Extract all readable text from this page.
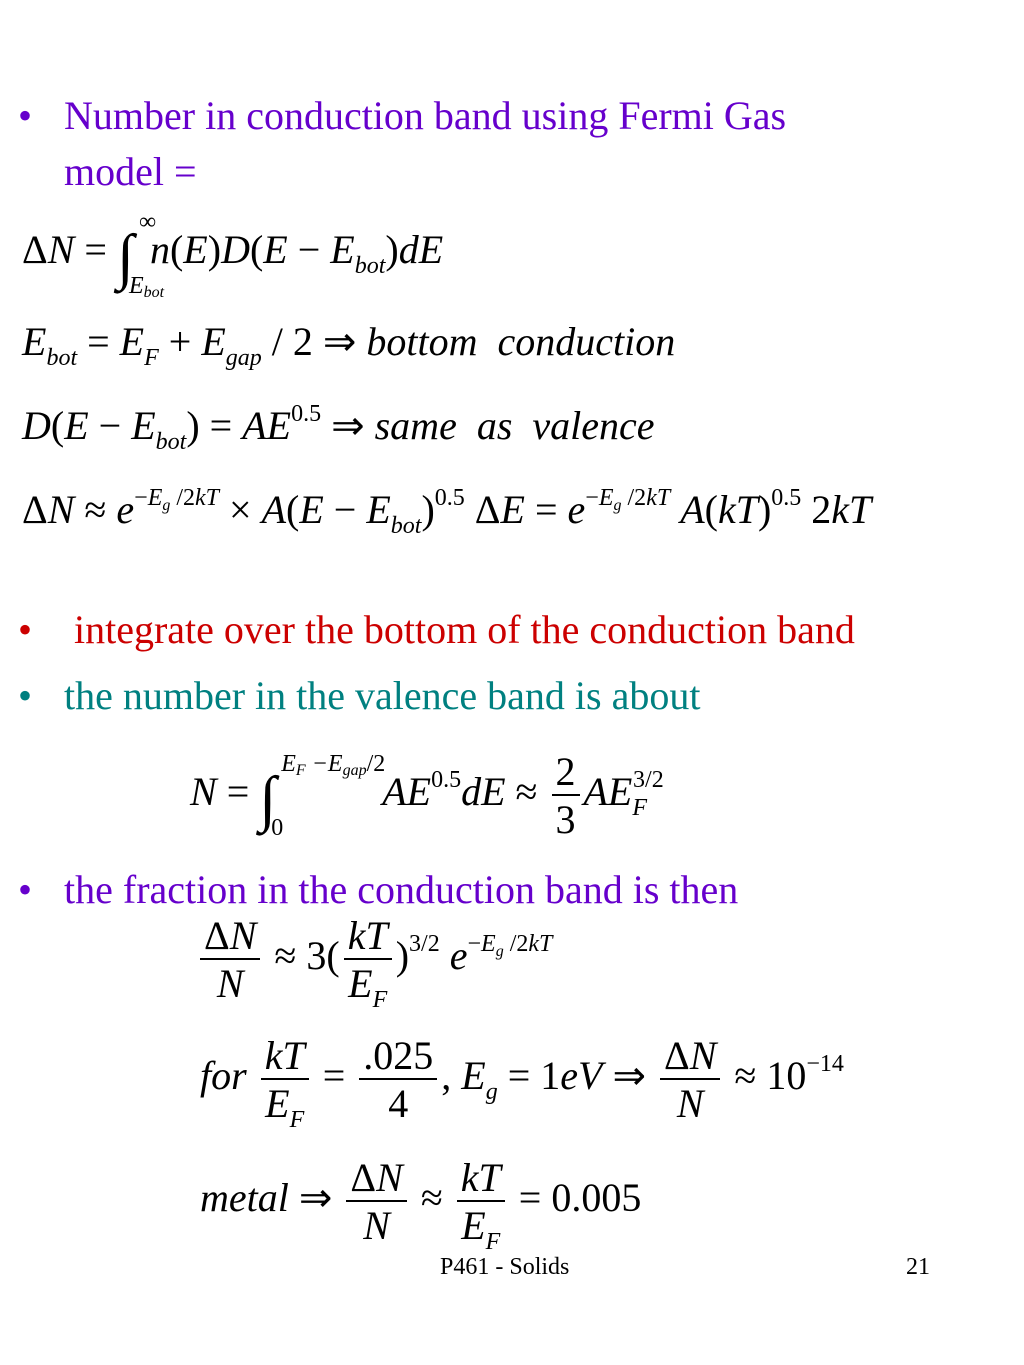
• Number in conduction band using Fermi Gas
model =
ΔN = ∫
∞
$E_{bot}$
$n(E)D(E - E_{bot})dE$
$E_{bot} = E_F + E_{gap} / 2$ ⇒ bottom  conduction
$D(E - E_{bot}) = AE^{0.5}$ ⇒ same  as  valence
$\Delta N \approx e^{-E_g /2kT} \times A(E - E_{bot})^{0.5}$ $\Delta E = e^{-E_g /2kT}$ A(kT)$^{0.5}$ 2kT
• integrate over the bottom of the conduction band
• the number in the valence band is about
N = ∫
$E_F -E_{gap}/2$
0
$AE^{0.5}dE \approx \frac{2}{3} AE_F^{3/2}$
• the fraction in the conduction band is then
$\frac{\Delta N}{N} \approx 3( \frac{kT}{E_F} )^{3/2}$ $e^{-E_g /2kT}$
for $\frac{kT}{E_F} = \frac{.025}{4}$ , $E_g = 1eV$ ⇒ $\frac{\Delta N}{N} \approx 10^{-14}$
metal ⇒ $\frac{\Delta N}{N} \approx \frac{kT}{E_F} = 0.005$
P461 - Solids	21
